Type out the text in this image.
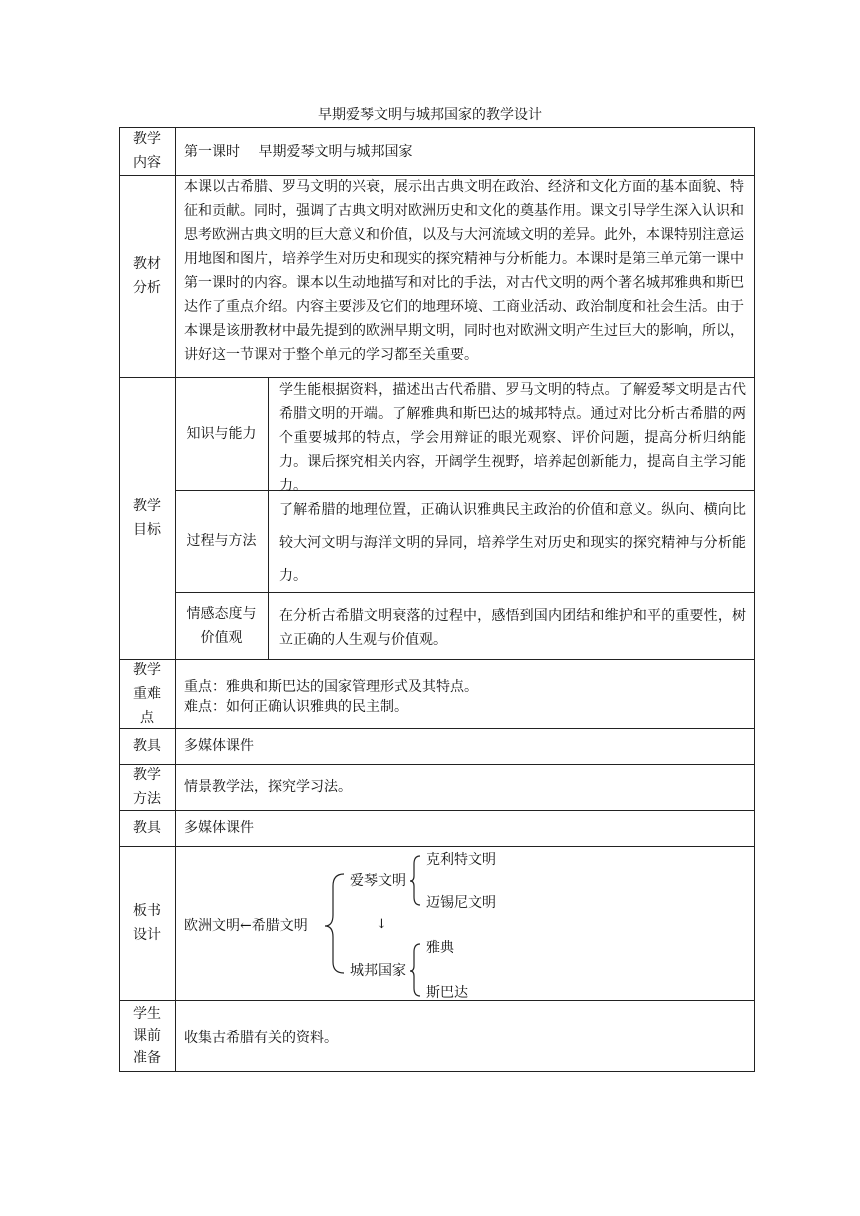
早期爱琴文明与城邦国家的教学设计
教学
内容
第一课时　 早期爱琴文明与城邦国家
教材
分析
本课以古希腊、罗马文明的兴衰，展示出古典文明在政治、经济和文化方面的基本面貌、特征和贡献。同时，强调了古典文明对欧洲历史和文化的奠基作用。课文引导学生深入认识和思考欧洲古典文明的巨大意义和价值，以及与大河流域文明的差异。此外，本课特别注意运用地图和图片，培养学生对历史和现实的探究精神与分析能力。本课时是第三单元第一课中第一课时的内容。课本以生动地描写和对比的手法，对古代文明的两个著名城邦雅典和斯巴达作了重点介绍。内容主要涉及它们的地理环境、工商业活动、政治制度和社会生活。由于本课是该册教材中最先提到的欧洲早期文明，同时也对欧洲文明产生过巨大的影响，所以，讲好这一节课对于整个单元的学习都至关重要。
教学
目标
知识与能力
学生能根据资料，描述出古代希腊、罗马文明的特点。了解爱琴文明是古代希腊文明的开端。了解雅典和斯巴达的城邦特点。通过对比分析古希腊的两个重要城邦的特点，学会用辩证的眼光观察、评价问题，提高分析归纳能力。课后探究相关内容，开阔学生视野，培养起创新能力，提高自主学习能力。
过程与方法
了解希腊的地理位置，正确认识雅典民主政治的价值和意义。纵向、横向比较大河文明与海洋文明的异同，培养学生对历史和现实的探究精神与分析能力。
情感态度与
价值观
在分析古希腊文明衰落的过程中，感悟到国内团结和维护和平的重要性，树立正确的人生观与价值观。
教学
重难
点
重点：雅典和斯巴达的国家管理形式及其特点。
难点：如何正确认识雅典的民主制。
教具	多媒体课件
教学
方法
情景教学法，探究学习法。
教具	多媒体课件
板书
设计
欧洲文明←希腊文明
爱琴文明
克利特文明
迈锡尼文明
↓
城邦国家
雅典
斯巴达
学生
课前
准备
收集古希腊有关的资料。
